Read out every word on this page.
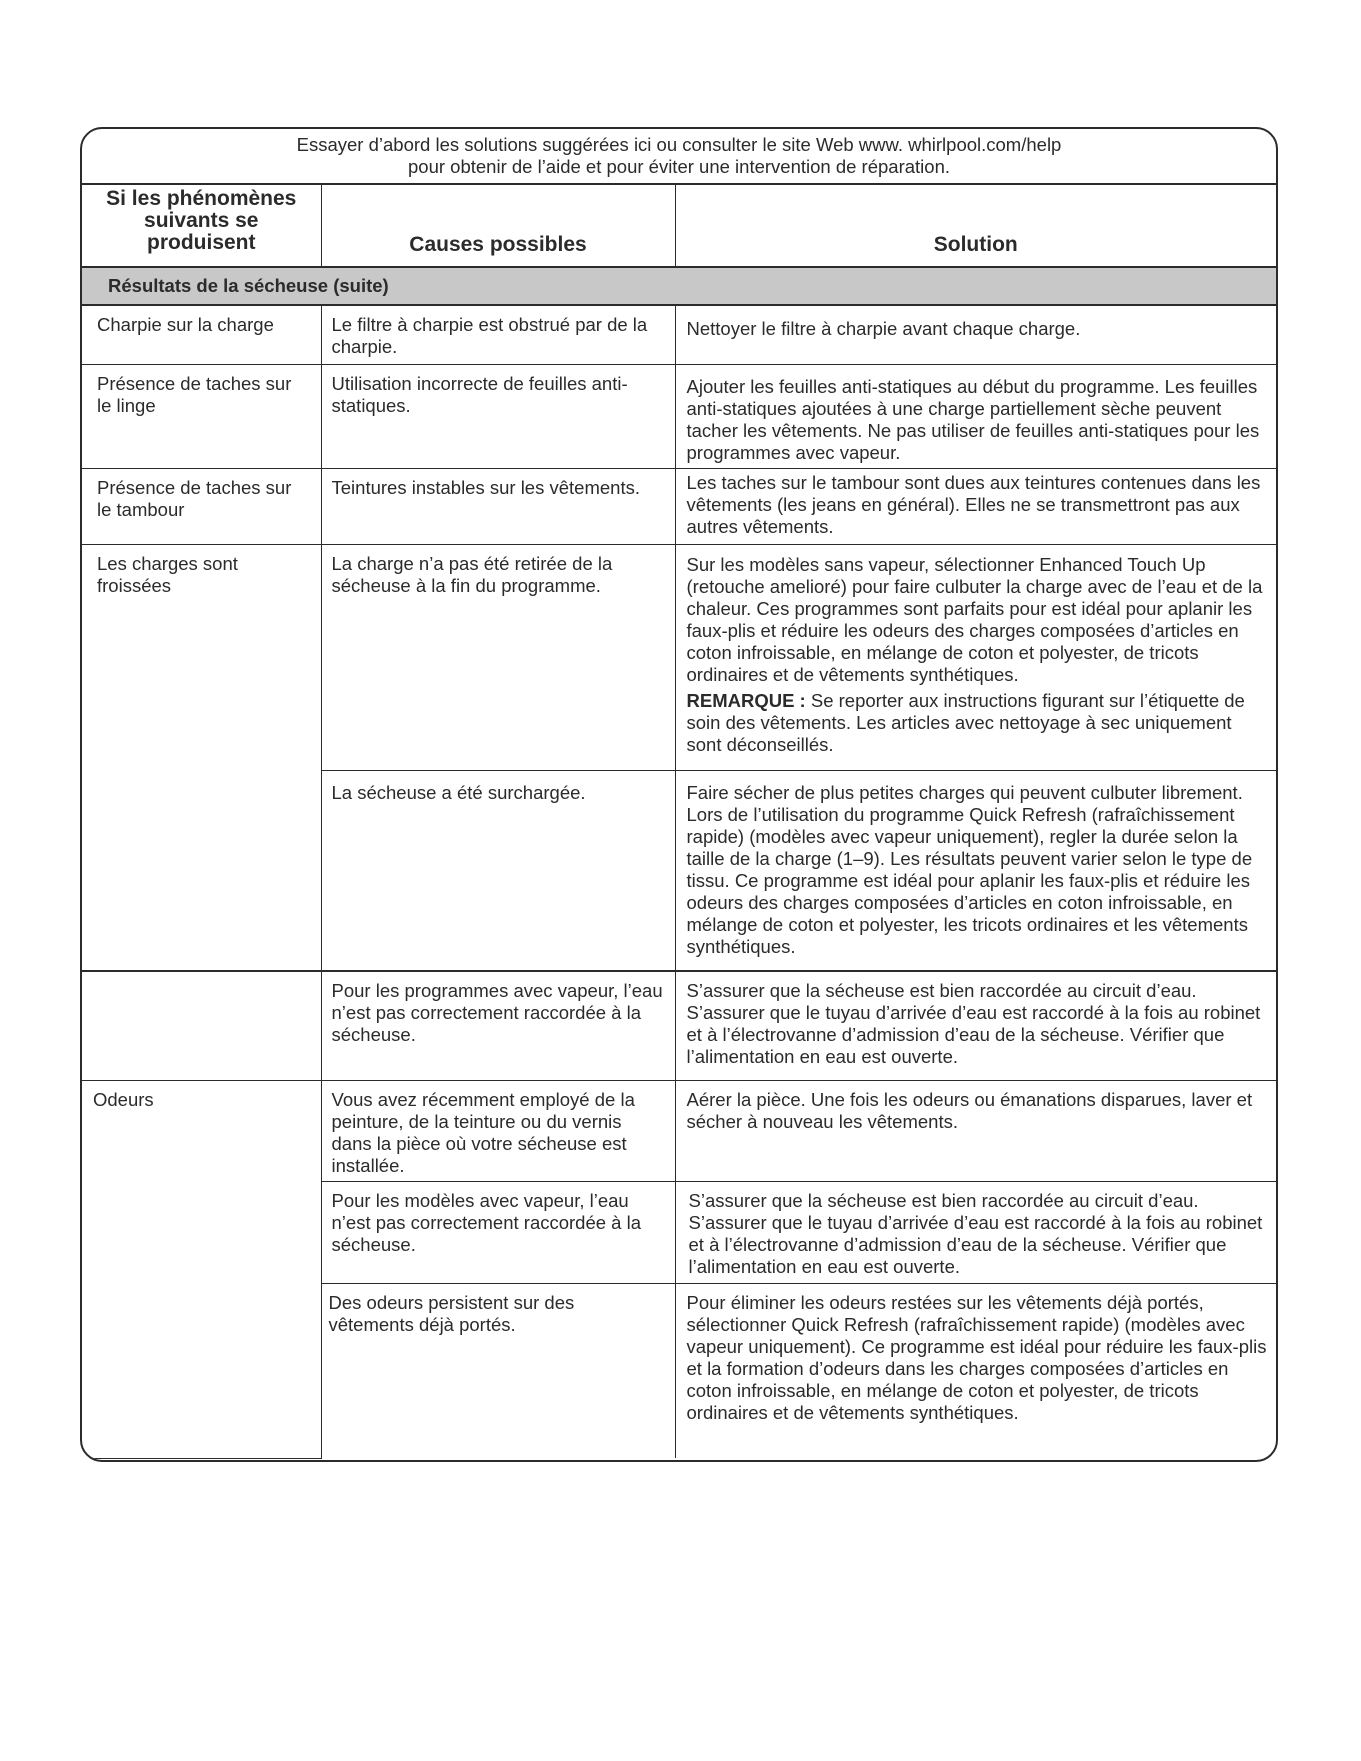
Essayer d’abord les solutions suggérées ici ou consulter le site Web www. whirlpool.com/help
pour obtenir de l’aide et pour éviter une intervention de réparation.
Si les phénomènes suivants se produisent	Causes possibles	Solution
Résultats de la sécheuse (suite)		
Charpie sur la charge	Le filtre à charpie est obstrué par de la charpie.	Nettoyer le filtre à charpie avant chaque charge.
Présence de taches sur le linge	Utilisation incorrecte de feuilles anti-statiques.	Ajouter les feuilles anti-statiques au début du programme. Les feuilles anti-statiques ajoutées à une charge partiellement sèche peuvent tacher les vêtements. Ne pas utiliser de feuilles anti-statiques pour les programmes avec vapeur.
Présence de taches sur le tambour	Teintures instables sur les vêtements.	Les taches sur le tambour sont dues aux teintures contenues dans les vêtements (les jeans en général). Elles ne se transmettront pas aux autres vêtements.
Les charges sont froissées	La charge n’a pas été retirée de la sécheuse à la fin du programme.	Sur les modèles sans vapeur, sélectionner Enhanced Touch Up (retouche amelioré) pour faire culbuter la charge avec de l’eau et de la chaleur. Ces programmes sont parfaits pour est idéal pour aplanir les faux-plis et réduire les odeurs des charges composées d’articles en coton infroissable, en mélange de coton et polyester, de tricots ordinaires et de vêtements synthétiques.
REMARQUE : Se reporter aux instructions figurant sur l’étiquette de soin des vêtements. Les articles avec nettoyage à sec uniquement sont déconseillés.

	La sécheuse a été surchargée.	Faire sécher de plus petites charges qui peuvent culbuter librement. Lors de l’utilisation du programme Quick Refresh (rafraîchissement rapide) (modèles avec vapeur uniquement), regler la durée selon la taille de la charge (1–9). Les résultats peuvent varier selon le type de tissu. Ce programme est idéal pour aplanir les faux-plis et réduire les odeurs des charges composées d’articles en coton infroissable, en mélange de coton et polyester, les tricots ordinaires et les vêtements synthétiques.
	Pour les programmes avec vapeur, l’eau n’est pas correctement raccordée à la sécheuse.	S’assurer que la sécheuse est bien raccordée au circuit d’eau. S’assurer que le tuyau d’arrivée d’eau est raccordé à la fois au robinet et à l’électrovanne d’admission d’eau de la sécheuse. Vérifier que l’alimentation en eau est ouverte.
Odeurs	Vous avez récemment employé de la peinture, de la teinture ou du vernis dans la pièce où votre sécheuse est installée.	Aérer la pièce. Une fois les odeurs ou émanations disparues, laver et sécher à nouveau les vêtements.
	Pour les modèles avec vapeur, l’eau n’est pas correctement raccordée à la sécheuse.	S’assurer que la sécheuse est bien raccordée au circuit d’eau. S’assurer que le tuyau d’arrivée d’eau est raccordé à la fois au robinet et à l’électrovanne d’admission d’eau de la sécheuse. Vérifier que l’alimentation en eau est ouverte.
	Des odeurs persistent sur des vêtements déjà portés.	Pour éliminer les odeurs restées sur les vêtements déjà portés, sélectionner Quick Refresh (rafraîchissement rapide) (modèles avec vapeur uniquement). Ce programme est idéal pour réduire les faux-plis et la formation d’odeurs dans les charges composées d’articles en coton infroissable, en mélange de coton et polyester, de tricots ordinaires et de vêtements synthétiques.
